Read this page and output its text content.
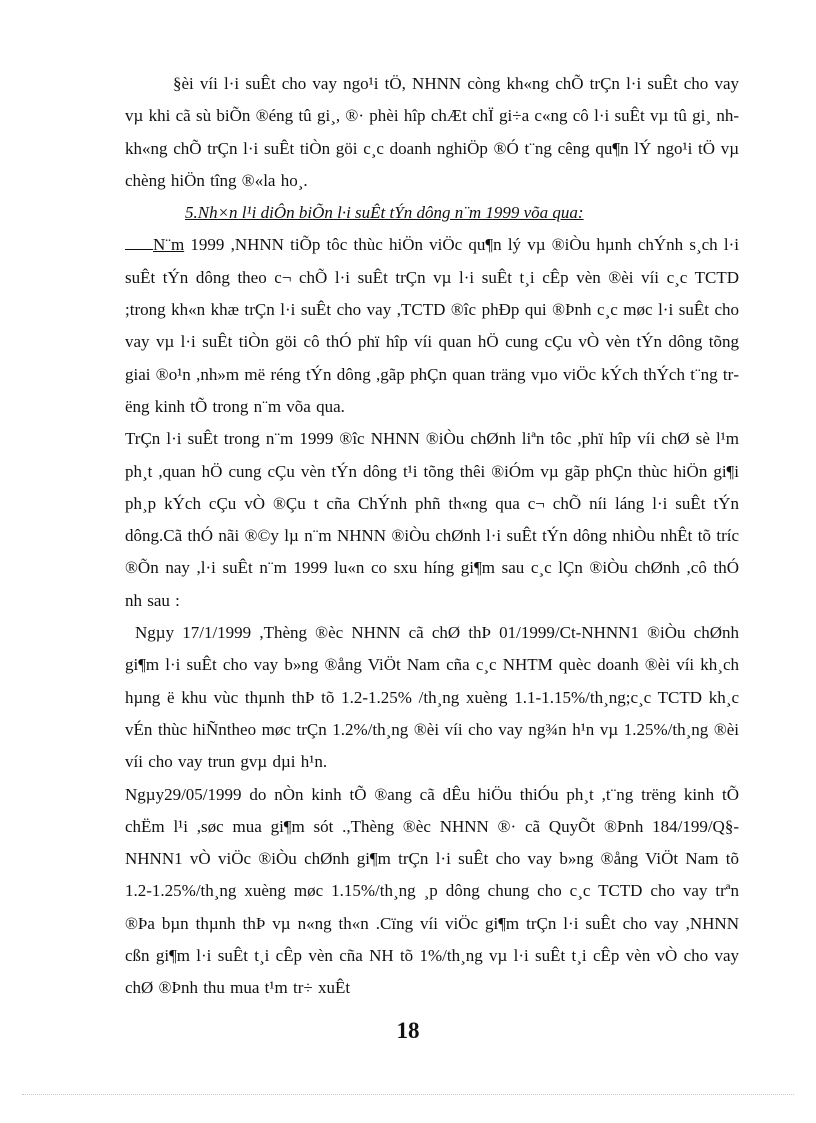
§èi víi l·i suÊt cho vay ngo¹i tÖ, NHNN còng kh«ng chÕ trÇn l·i suÊt cho vay vµ khi cã sù biÕn ®éng tû gi¸, ®· phèi hîp chÆt chÏ gi÷a c«ng cô l·i suÊt vµ tû gi¸ nh kh«ng chÕ trÇn l·i suÊt tiÒn göi c¸c doanh nghiÖp ®Ó t¨ng cêng qu¶n lÝ ngo¹i tÖ vµ chèng hiÖn tîng ®«la ho¸.

5.Nh×n l¹i diÔn biÕn l·i suÊt tÝn dông n¨m 1999 võa qua:

N¨m 1999 ,NHNN tiÕp tôc thùc hiÖn viÖc qu¶n lý vµ ®iÒu hµnh chÝnh s¸ch l·i suÊt tÝn dông theo c¬ chÕ l·i suÊt trÇn vµ l·i suÊt t¸i cÊp vèn ®èi víi c¸c TCTD ;trong kh«n khæ trÇn l·i suÊt cho vay ,TCTD ®îc phÐp qui ®Þnh c¸c møc l·i suÊt cho vay vµ l·i suÊt tiÒn göi cô thÓ phï hîp víi quan hÖ cung cÇu vÒ vèn tÝn dông tõng giai ®o¹n ,nh»m më réng tÝn dông ,gãp phÇn quan träng vµo viÖc kÝch thÝch t¨ng trëng kinh tÕ trong n¨m võa qua.

TrÇn l·i suÊt trong n¨m 1999 ®îc NHNN ®iÒu chØnh liªn tôc ,phï hîp víi chØ sè l¹m ph¸t ,quan hÖ cung cÇu vèn tÝn dông t¹i tõng thêi ®iÓm vµ gãp phÇn thùc hiÖn gi¶i ph¸p kÝch cÇu vÒ ®Çu t cña ChÝnh phñ th«ng qua c¬ chÕ níi láng l·i suÊt tÝn dông.Cã thÓ nãi ®©y lµ n¨m NHNN ®iÒu chØnh l·i suÊt tÝn dông nhiÒu nhÊt tõ tríc ®Õn nay ,l·i suÊt n¨m 1999 lu«n co sxu híng gi¶m sau c¸c lÇn ®iÒu chØnh ,cô thÓ nh sau :

Ngµy 17/1/1999 ,Thèng ®èc NHNN cã chØ thÞ 01/1999/Ct-NHNN1 ®iÒu chØnh gi¶m l·i suÊt cho vay b»ng ®ång ViÖt Nam cña c¸c NHTM quèc doanh ®èi víi kh¸ch hµng ë khu vùc thµnh thÞ tõ 1.2-1.25% /th¸ng xuèng 1.1-1.15%/th¸ng;c¸c TCTD kh¸c vÉn thùc hiÑntheo møc trÇn 1.2%/th¸ng ®èi víi cho vay ng¾n h¹n vµ 1.25%/th¸ng ®èi víi cho vay trun gvµ dµi h¹n.

Ngµy29/05/1999 do nÒn kinh tÕ ®ang cã dÊu hiÖu thiÓu ph¸t ,t¨ng trëng kinh tÕ chËm l¹i ,søc mua gi¶m sót .,Thèng ®èc NHNN ®· cã QuyÕt ®Þnh 184/199/Q§-NHNN1 vÒ viÖc ®iÒu chØnh gi¶m trÇn l·i suÊt cho vay b»ng ®ång ViÖt Nam tõ 1.2-1.25%/th¸ng xuèng møc 1.15%/th¸ng ¸p dông chung cho c¸c TCTD cho vay trªn ®Þa bµn thµnh thÞ vµ n«ng th«n .Cïng víi viÖc gi¶m trÇn l·i suÊt cho vay ,NHNN cßn gi¶m l·i suÊt t¸i cÊp vèn cña NH tõ 1%/th¸ng vµ l·i suÊt t¸i cÊp vèn vÒ cho vay chØ ®Þnh thu mua t¹m tr÷ xuÊt

18
